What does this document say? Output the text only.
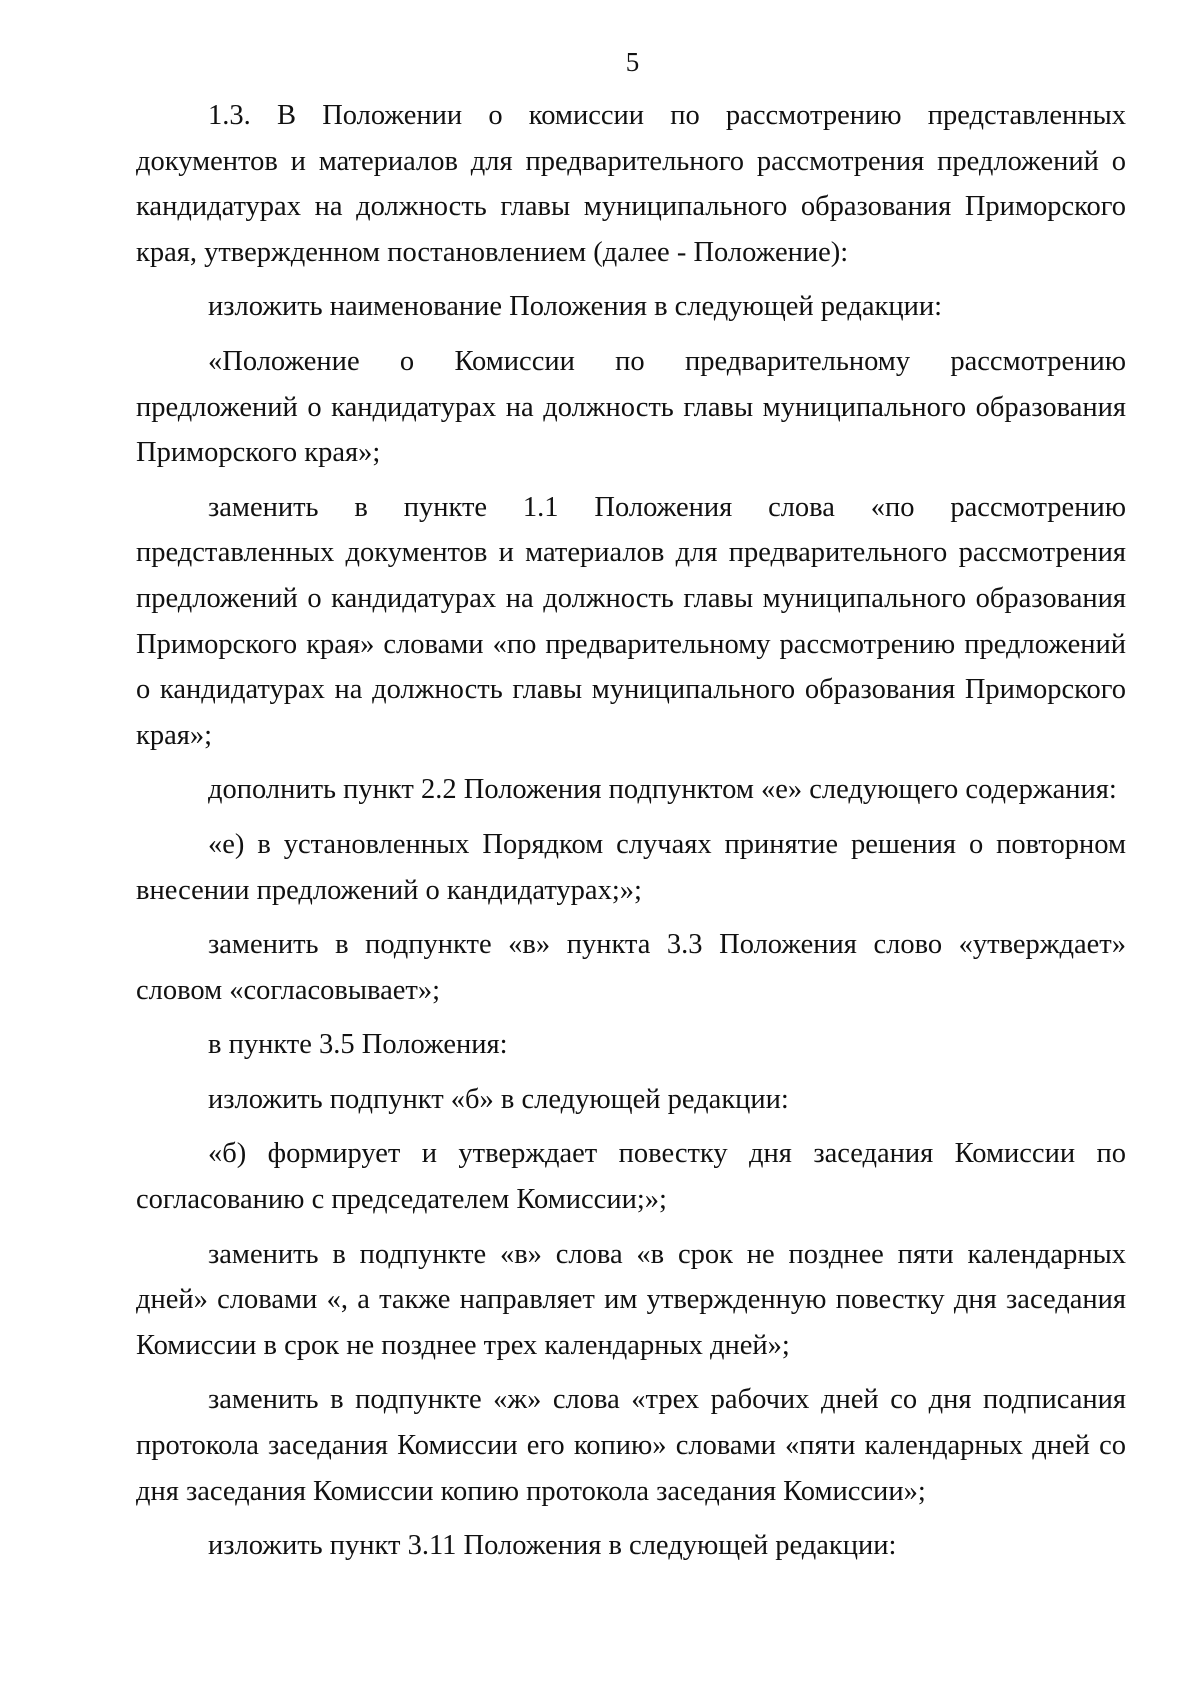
5

1.3. В Положении о комиссии по рассмотрению представленных документов и материалов для предварительного рассмотрения предложений о кандидатурах на должность главы муниципального образования Приморского края, утвержденном постановлением (далее - Положение):

изложить наименование Положения в следующей редакции:

«Положение о Комиссии по предварительному рассмотрению предложений о кандидатурах на должность главы муниципального образования Приморского края»;

заменить в пункте 1.1 Положения слова «по рассмотрению представленных документов и материалов для предварительного рассмотрения предложений о кандидатурах на должность главы муниципального образования Приморского края» словами «по предварительному рассмотрению предложений о кандидатурах на должность главы муниципального образования Приморского края»;

дополнить пункт 2.2 Положения подпунктом «е» следующего содержания:

«е) в установленных Порядком случаях принятие решения о повторном внесении предложений о кандидатурах;»;

заменить в подпункте «в» пункта 3.3 Положения слово «утверждает» словом «согласовывает»;

в пункте 3.5 Положения:

изложить подпункт «б» в следующей редакции:

«б) формирует и утверждает повестку дня заседания Комиссии по согласованию с председателем Комиссии;»;

заменить в подпункте «в» слова «в срок не позднее пяти календарных дней» словами «, а также направляет им утвержденную повестку дня заседания Комиссии в срок не позднее трех календарных дней»;

заменить в подпункте «ж» слова «трех рабочих дней со дня подписания протокола заседания Комиссии его копию» словами «пяти календарных дней со дня заседания Комиссии копию протокола заседания Комиссии»;

изложить пункт 3.11 Положения в следующей редакции:
